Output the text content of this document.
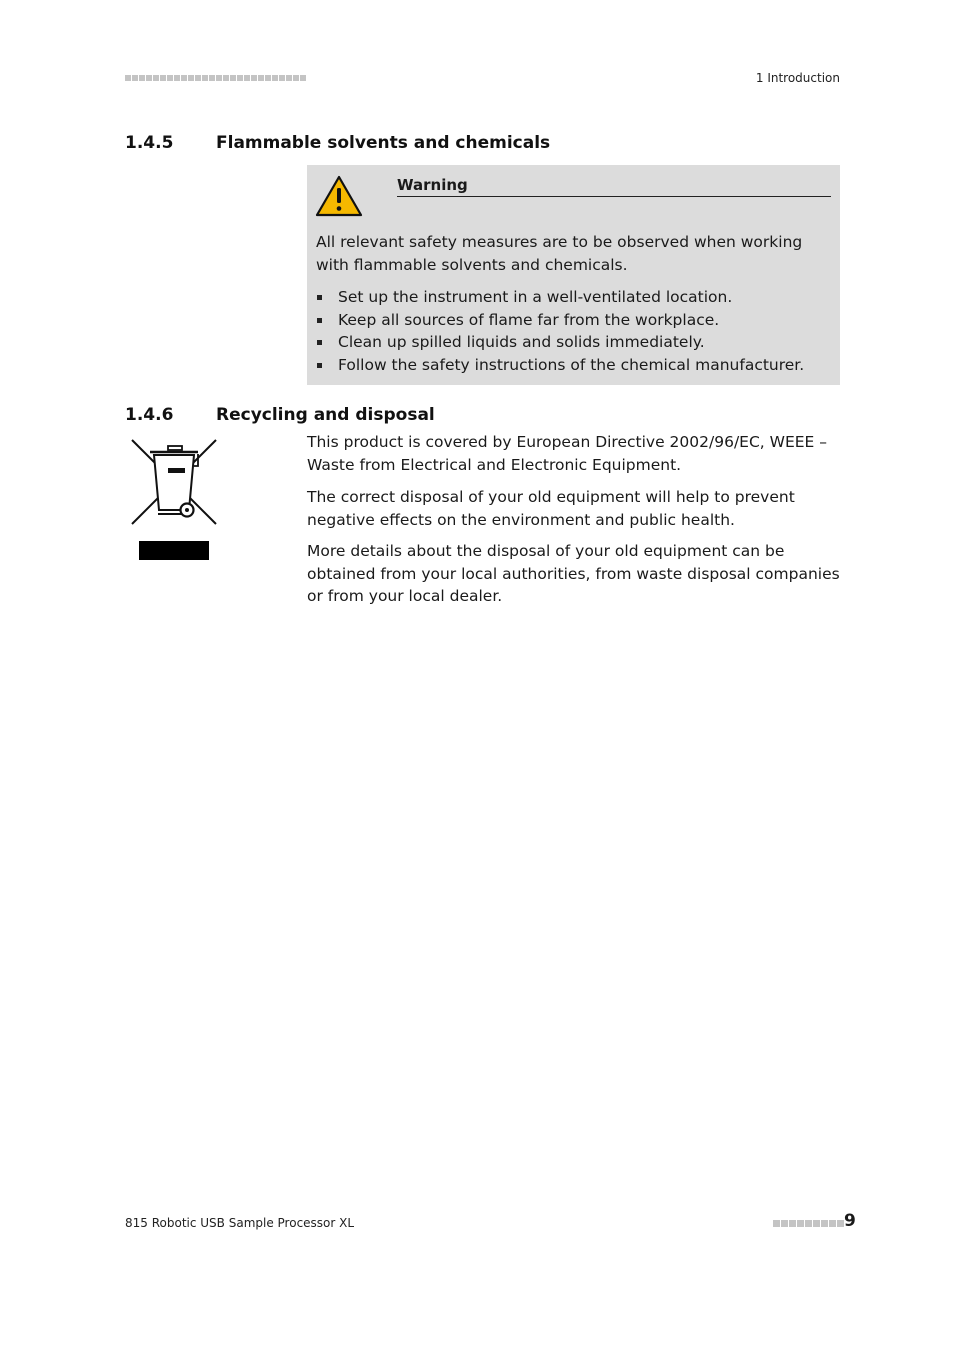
1 Introduction
1.4.5	Flammable solvents and chemicals
Warning
All relevant safety measures are to be observed when working with flammable solvents and chemicals.
Set up the instrument in a well-ventilated location.
Keep all sources of flame far from the workplace.
Clean up spilled liquids and solids immediately.
Follow the safety instructions of the chemical manufacturer.
1.4.6	Recycling and disposal

This product is covered by European Directive 2002/96/EC, WEEE – Waste from Electrical and Electronic Equipment.

The correct disposal of your old equipment will help to prevent negative effects on the environment and public health.

More details about the disposal of your old equipment can be obtained from your local authorities, from waste disposal companies or from your local dealer.

815 Robotic USB Sample Processor XL	9
